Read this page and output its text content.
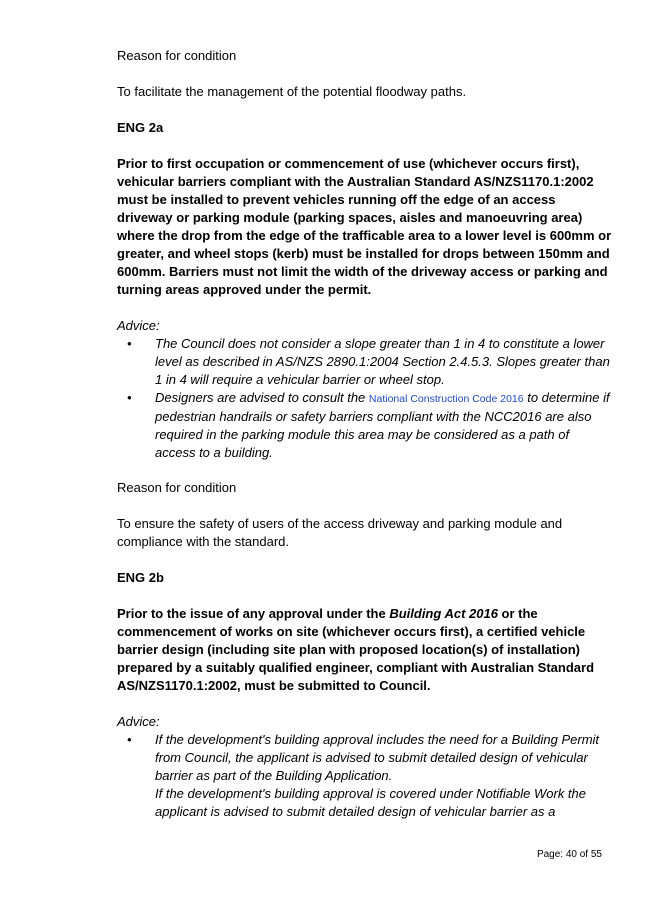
Reason for condition

To facilitate the management of the potential floodway paths.

ENG 2a

Prior to first occupation or commencement of use (whichever occurs first), vehicular barriers compliant with the Australian Standard AS/NZS1170.1:2002 must be installed to prevent vehicles running off the edge of an access driveway or parking module (parking spaces, aisles and manoeuvring area) where the drop from the edge of the trafficable area to a lower level is 600mm or greater, and wheel stops (kerb) must be installed for drops between 150mm and 600mm. Barriers must not limit the width of the driveway access or parking and turning areas approved under the permit.

Advice:

• The Council does not consider a slope greater than 1 in 4 to constitute a lower level as described in AS/NZS 2890.1:2004 Section 2.4.5.3. Slopes greater than 1 in 4 will require a vehicular barrier or wheel stop.
• Designers are advised to consult the National Construction Code 2016 to determine if pedestrian handrails or safety barriers compliant with the NCC2016 are also required in the parking module this area may be considered as a path of access to a building.

Reason for condition

To ensure the safety of users of the access driveway and parking module and compliance with the standard.

ENG 2b

Prior to the issue of any approval under the Building Act 2016 or the commencement of works on site (whichever occurs first), a certified vehicle barrier design (including site plan with proposed location(s) of installation) prepared by a suitably qualified engineer, compliant with Australian Standard AS/NZS1170.1:2002, must be submitted to Council.

Advice:

• If the development's building approval includes the need for a Building Permit from Council, the applicant is advised to submit detailed design of vehicular barrier as part of the Building Application.
If the development's building approval is covered under Notifiable Work the applicant is advised to submit detailed design of vehicular barrier as a
Page: 40 of 55
